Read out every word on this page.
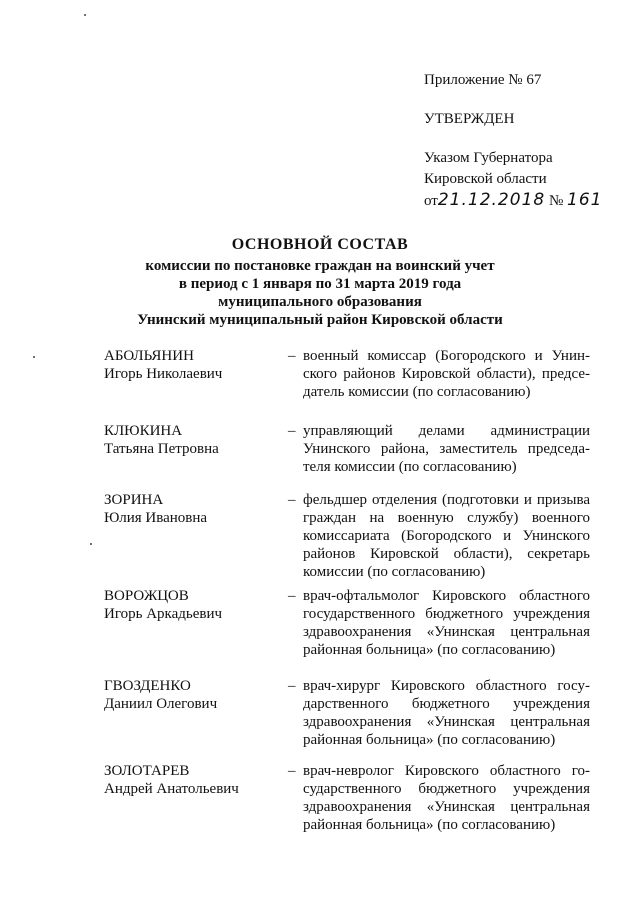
Приложение № 67
УТВЕРЖДЕН
Указом Губернатора
Кировской области
от21.12.2018 № 161
ОСНОВНОЙ СОСТАВ
комиссии по постановке граждан на воинский учет
в период с 1 января по 31 марта 2019 года
муниципального образования
Унинский муниципальный район Кировской области
АБОЛЬЯНИН
Игорь Николаевич
– военный комиссар (Богородского и Унинского районов Кировской области), председатель комиссии (по согласованию)
КЛЮКИНА
Татьяна Петровна
– управляющий делами администрации Унинского района, заместитель председателя комиссии (по согласованию)
ЗОРИНА
Юлия Ивановна
– фельдшер отделения (подготовки и призыва граждан на военную службу) военного комиссариата (Богородского и Унинского районов Кировской области), секретарь комиссии (по согласованию)
ВОРОЖЦОВ
Игорь Аркадьевич
– врач-офтальмолог Кировского областного государственного бюджетного учреждения здравоохранения «Унинская центральная районная больница» (по согласованию)
ГВОЗДЕНКО
Даниил Олегович
– врач-хирург Кировского областного государственного бюджетного учреждения здравоохранения «Унинская центральная районная больница» (по согласованию)
ЗОЛОТАРЕВ
Андрей Анатольевич
– врач-невролог Кировского областного государственного бюджетного учреждения здравоохранения «Унинская центральная районная больница» (по согласованию)
